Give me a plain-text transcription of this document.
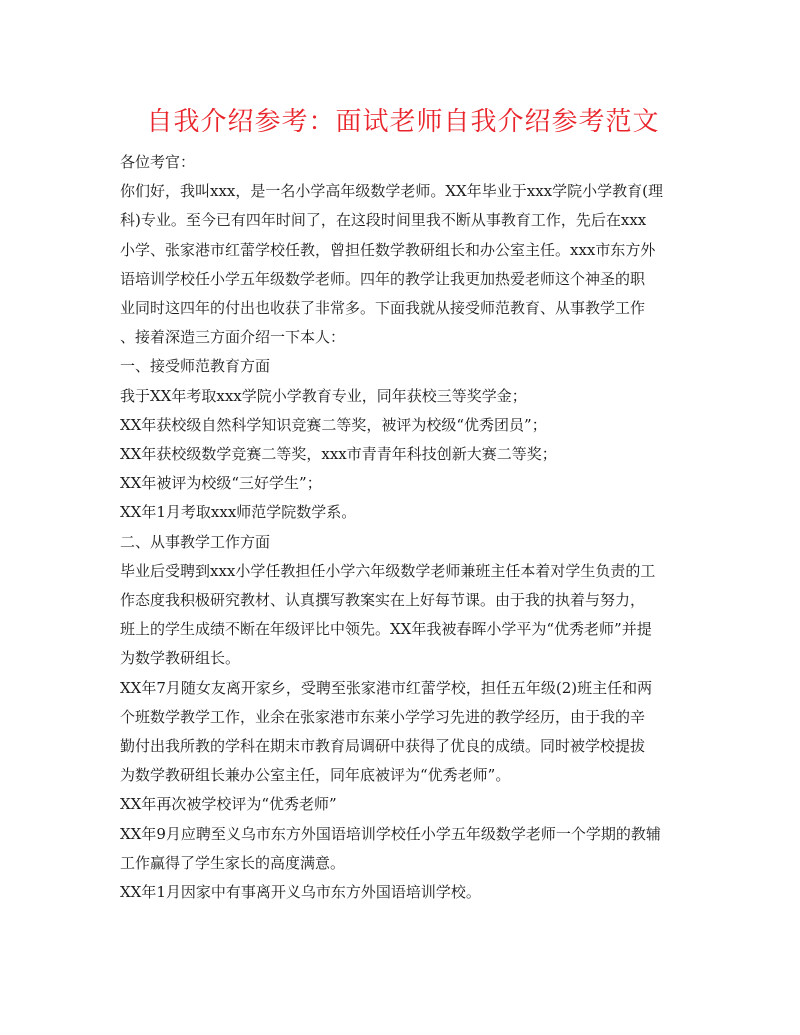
自我介绍参考：面试老师自我介绍参考范文

各位考官：

你们好，我叫xxx，是一名小学高年级数学老师。XX年毕业于xxx学院小学教育(理

科)专业。至今已有四年时间了，在这段时间里我不断从事教育工作，先后在xxx

小学、张家港市红蕾学校任教，曾担任数学教研组长和办公室主任。xxx市东方外

语培训学校任小学五年级数学老师。四年的教学让我更加热爱老师这个神圣的职

业同时这四年的付出也收获了非常多。下面我就从接受师范教育、从事教学工作

、接着深造三方面介绍一下本人：

一、接受师范教育方面

我于XX年考取xxx学院小学教育专业，同年获校三等奖学金；

XX年获校级自然科学知识竞赛二等奖，被评为校级“优秀团员”；

XX年获校级数学竞赛二等奖，xxx市青青年科技创新大赛二等奖；

XX年被评为校级“三好学生”；

XX年1月考取xxx师范学院数学系。

二、从事教学工作方面

毕业后受聘到xxx小学任教担任小学六年级数学老师兼班主任本着对学生负责的工

作态度我积极研究教材、认真撰写教案实在上好每节课。由于我的执着与努力，

班上的学生成绩不断在年级评比中领先。XX年我被春晖小学平为“优秀老师”并提

为数学教研组长。

XX年7月随女友离开家乡，受聘至张家港市红蕾学校，担任五年级(2)班主任和两

个班数学教学工作，业余在张家港市东莱小学学习先进的教学经历，由于我的辛

勤付出我所教的学科在期末市教育局调研中获得了优良的成绩。同时被学校提拔

为数学教研组长兼办公室主任，同年底被评为“优秀老师”。

XX年再次被学校评为“优秀老师”

XX年9月应聘至义乌市东方外国语培训学校任小学五年级数学老师一个学期的教辅

工作赢得了学生家长的高度满意。

XX年1月因家中有事离开义乌市东方外国语培训学校。
